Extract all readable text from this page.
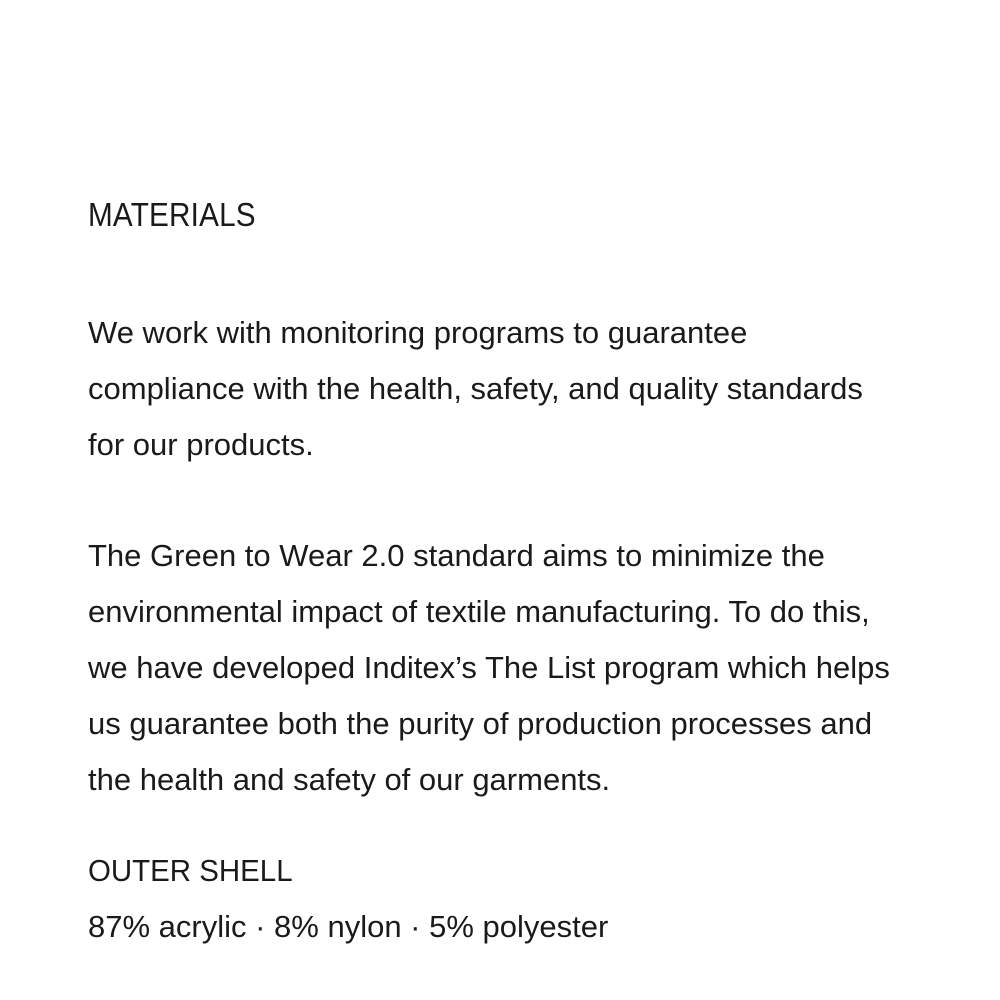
MATERIALS

We work with monitoring programs to guarantee
compliance with the health, safety, and quality standards
for our products.

The Green to Wear 2.0 standard aims to minimize the
environmental impact of textile manufacturing. To do this,
we have developed Inditex’s The List program which helps
us guarantee both the purity of production processes and
the health and safety of our garments.

OUTER SHELL

87% acrylic · 8% nylon · 5% polyester
